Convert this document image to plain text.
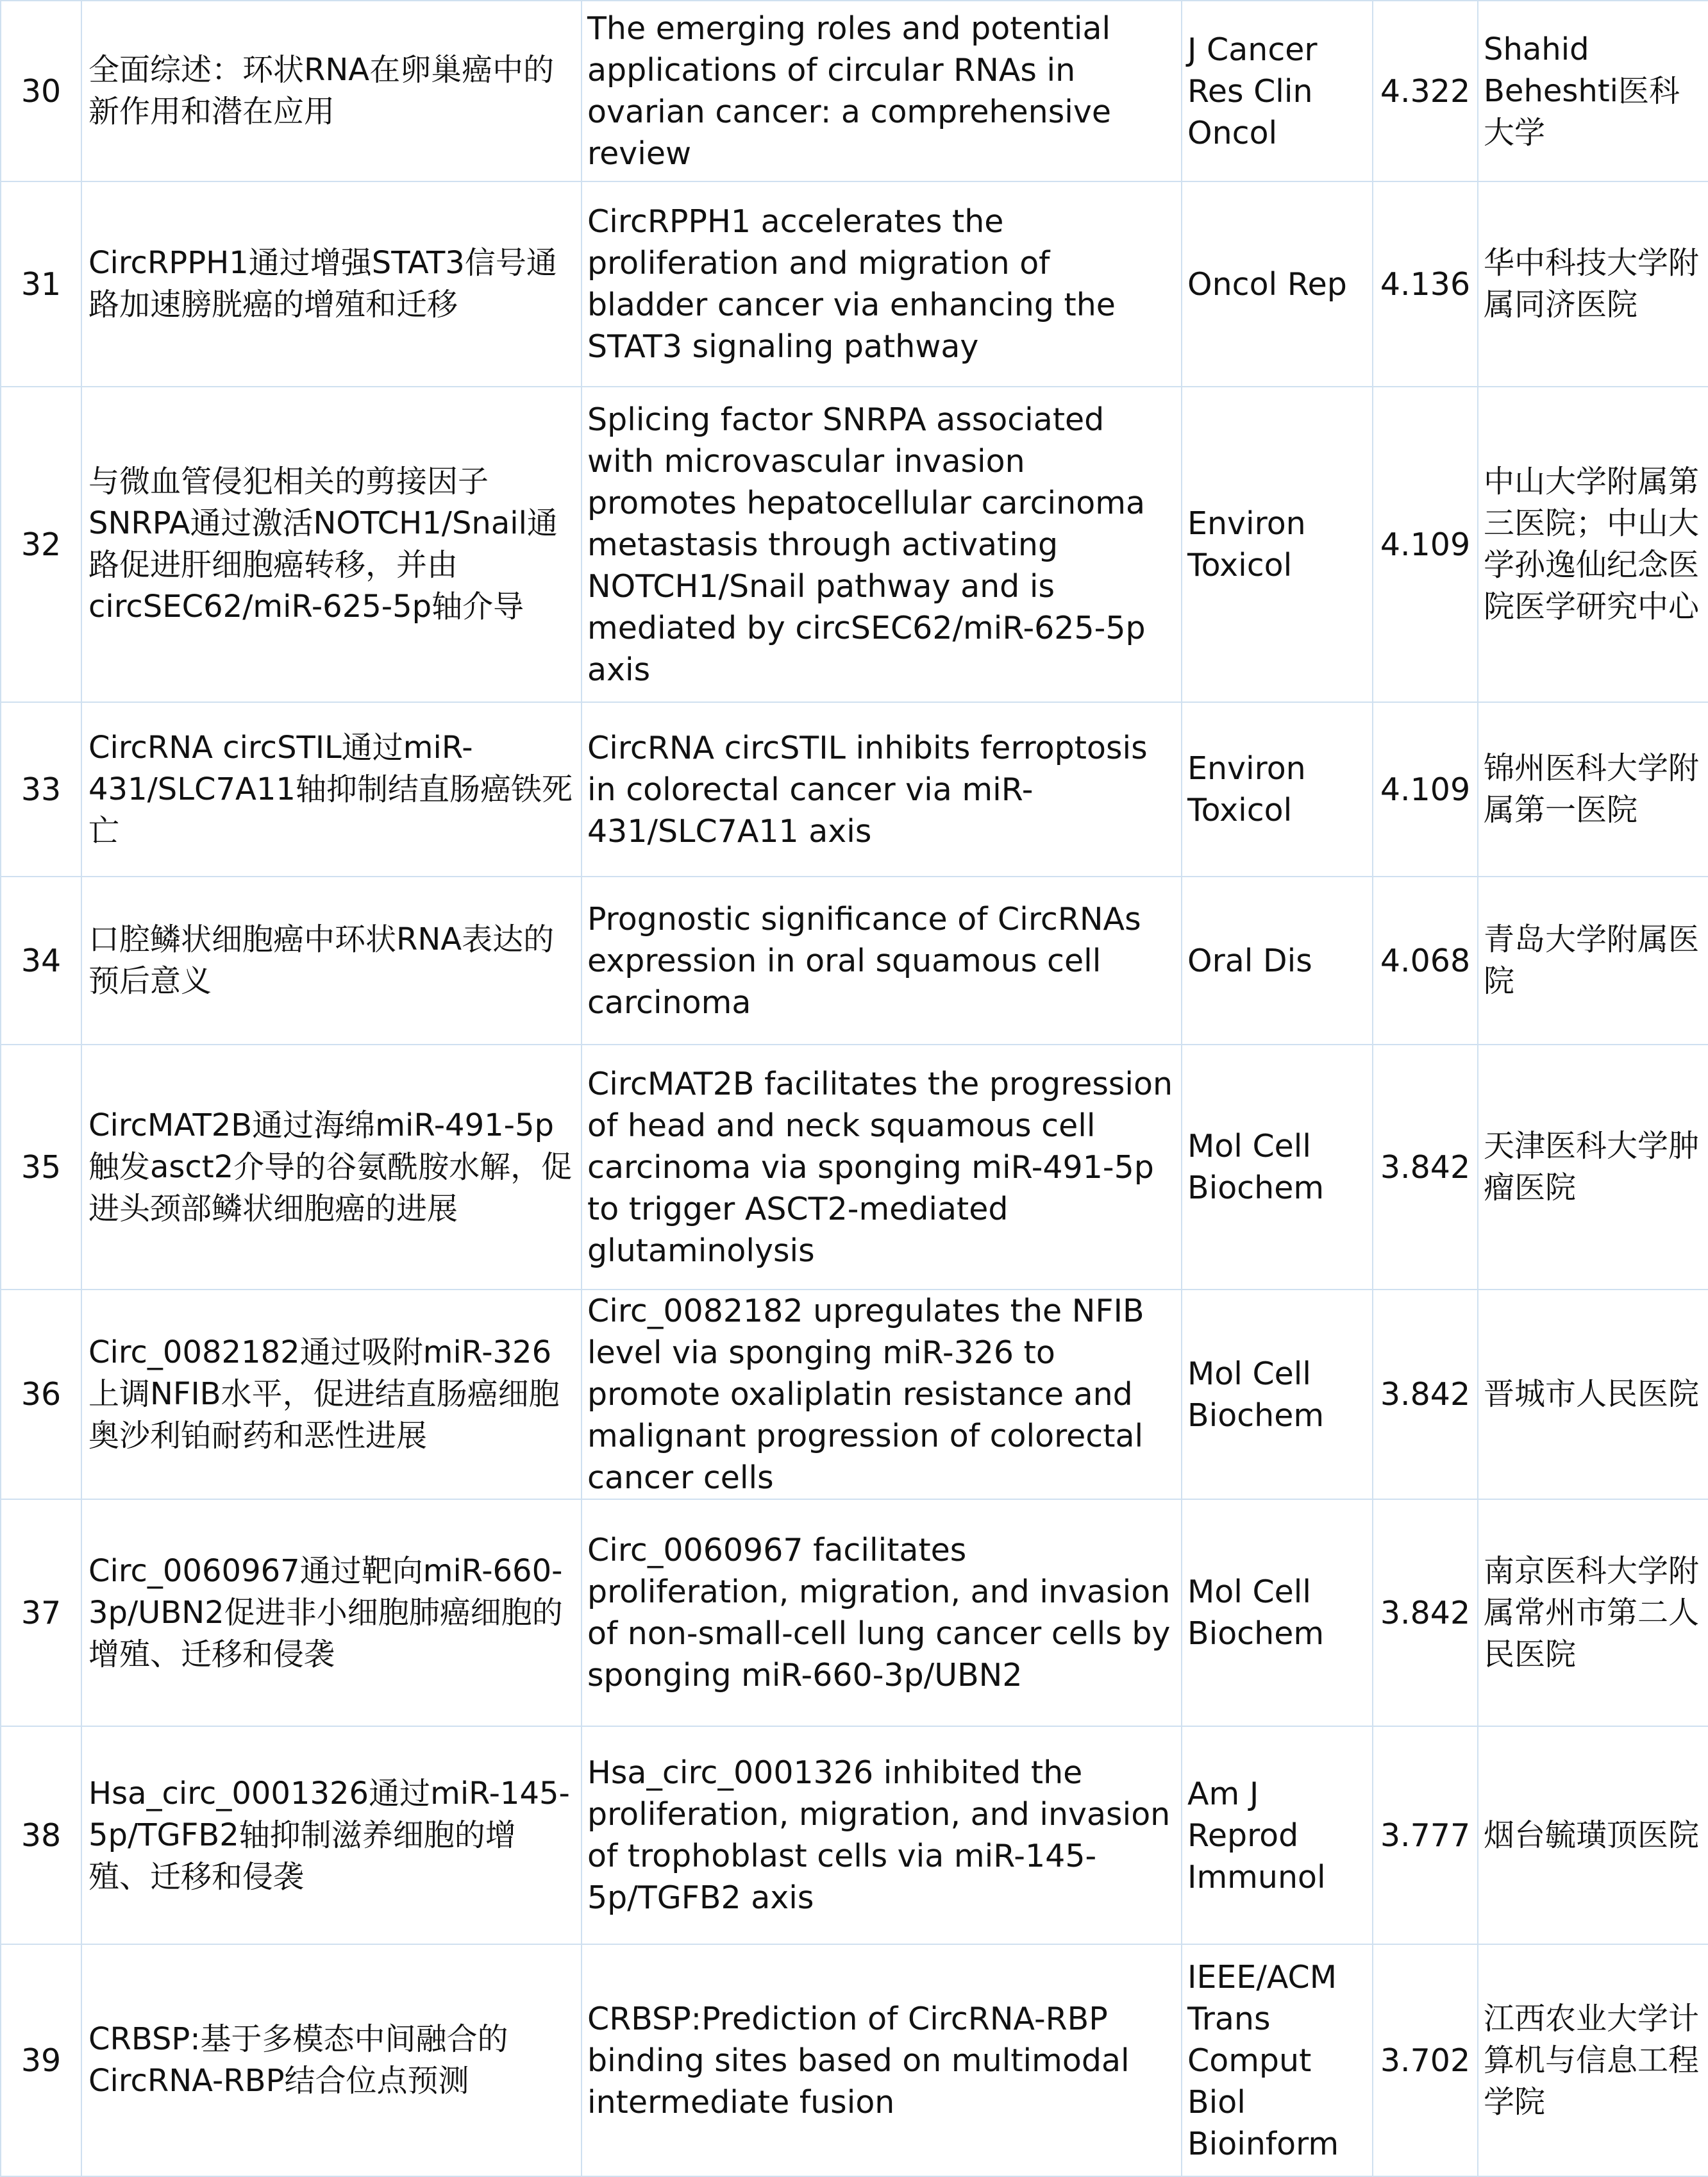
30	全面综述：环状RNA在卵巢癌中的新作用和潜在应用	The emerging roles and potential applications of circular RNAs in ovarian cancer: a comprehensive review	J Cancer Res Clin Oncol	4.322	Shahid Beheshti医科大学
31	CircRPPH1通过增强STAT3信号通路加速膀胱癌的增殖和迁移	CircRPPH1 accelerates the proliferation and migration of bladder cancer via enhancing the STAT3 signaling pathway	Oncol Rep	4.136	华中科技大学附属同济医院
32	与微血管侵犯相关的剪接因子SNRPA通过激活NOTCH1/Snail通路促进肝细胞癌转移，并由circSEC62/miR-625-5p轴介导	Splicing factor SNRPA associated with microvascular invasion promotes hepatocellular carcinoma metastasis through activating NOTCH1/Snail pathway and is mediated by circSEC62/miR-625-5p axis	Environ Toxicol	4.109	中山大学附属第三医院；中山大学孙逸仙纪念医院医学研究中心
33	CircRNA circSTIL通过miR-431/SLC7A11轴抑制结直肠癌铁死亡	CircRNA circSTIL inhibits ferroptosis in colorectal cancer via miR-431/SLC7A11 axis	Environ Toxicol	4.109	锦州医科大学附属第一医院
34	口腔鳞状细胞癌中环状RNA表达的预后意义	Prognostic significance of CircRNAs expression in oral squamous cell carcinoma	Oral Dis	4.068	青岛大学附属医院
35	CircMAT2B通过海绵miR-491-5p触发asct2介导的谷氨酰胺水解，促进头颈部鳞状细胞癌的进展	CircMAT2B facilitates the progression of head and neck squamous cell carcinoma via sponging miR-491-5p to trigger ASCT2-mediated glutaminolysis	Mol Cell Biochem	3.842	天津医科大学肿瘤医院
36	Circ_0082182通过吸附miR-326上调NFIB水平，促进结直肠癌细胞奥沙利铂耐药和恶性进展	Circ_0082182 upregulates the NFIB level via sponging miR-326 to promote oxaliplatin resistance and malignant progression of colorectal cancer cells	Mol Cell Biochem	3.842	晋城市人民医院
37	Circ_0060967通过靶向miR-660-3p/UBN2促进非小细胞肺癌细胞的增殖、迁移和侵袭	Circ_0060967 facilitates proliferation, migration, and invasion of non-small-cell lung cancer cells by sponging miR-660-3p/UBN2	Mol Cell Biochem	3.842	南京医科大学附属常州市第二人民医院
38	Hsa_circ_0001326通过miR-145-5p/TGFB2轴抑制滋养细胞的增殖、迁移和侵袭	Hsa_circ_0001326 inhibited the proliferation, migration, and invasion of trophoblast cells via miR-145-5p/TGFB2 axis	Am J Reprod Immunol	3.777	烟台毓璜顶医院
39	CRBSP:基于多模态中间融合的CircRNA-RBP结合位点预测	CRBSP:Prediction of CircRNA-RBP binding sites based on multimodal intermediate fusion	IEEE/ACM Trans Comput Biol Bioinform	3.702	江西农业大学计算机与信息工程学院
